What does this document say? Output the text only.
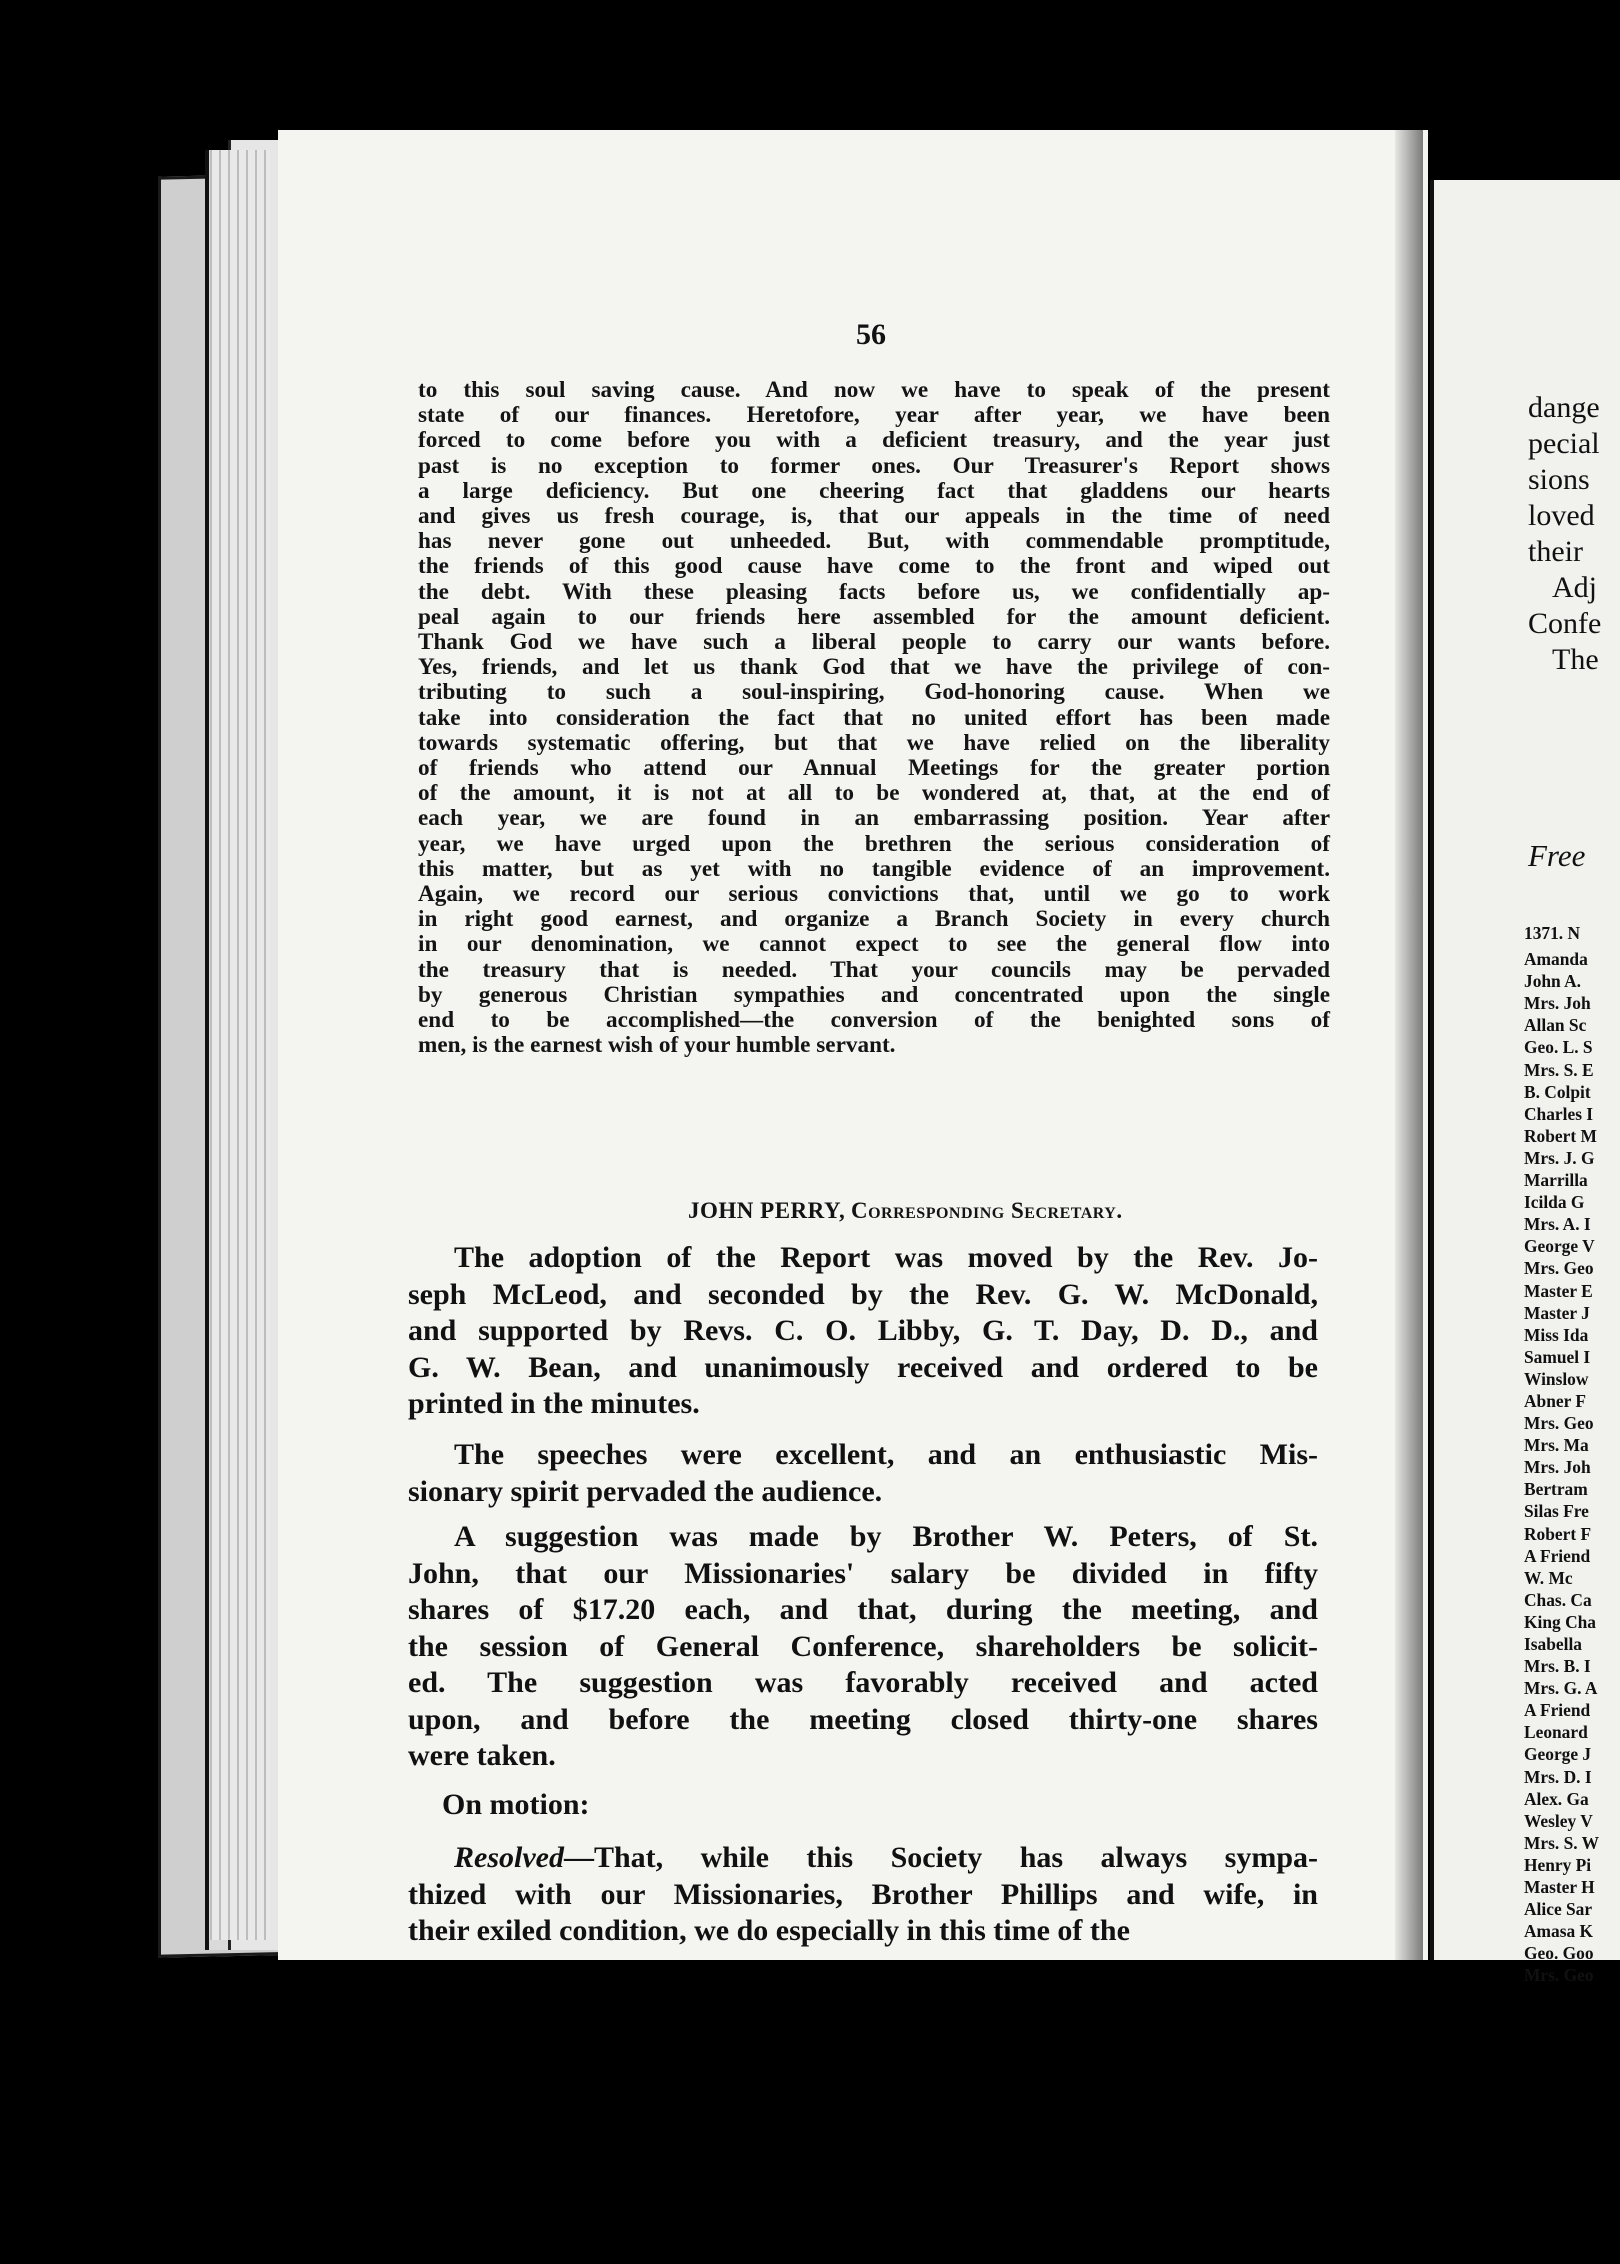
56

to this soul saving cause. And now we have to speak of the present

state of our finances. Heretofore, year after year, we have been

forced to come before you with a deficient treasury, and the year just

past is no exception to former ones. Our Treasurer's Report shows

a large deficiency. But one cheering fact that gladdens our hearts

and gives us fresh courage, is, that our appeals in the time of need

has never gone out unheeded. But, with commendable promptitude,

the friends of this good cause have come to the front and wiped out

the debt. With these pleasing facts before us, we confidentially ap-

peal again to our friends here assembled for the amount deficient.

Thank God we have such a liberal people to carry our wants before.

Yes, friends, and let us thank God that we have the privilege of con-

tributing to such a soul-inspiring, God-honoring cause. When we

take into consideration the fact that no united effort has been made

towards systematic offering, but that we have relied on the liberality

of friends who attend our Annual Meetings for the greater portion

of the amount, it is not at all to be wondered at, that, at the end of

each year, we are found in an embarrassing position. Year after

year, we have urged upon the brethren the serious consideration of

this matter, but as yet with no tangible evidence of an improvement.

Again, we record our serious convictions that, until we go to work

in right good earnest, and organize a Branch Society in every church

in our denomination, we cannot expect to see the general flow into

the treasury that is needed. That your councils may be pervaded

by generous Christian sympathies and concentrated upon the single

end to be accomplished—the conversion of the benighted sons of

men, is the earnest wish of your humble servant.

JOHN PERRY, Corresponding Secretary.

The adoption of the Report was moved by the Rev. Jo-

seph McLeod, and seconded by the Rev. G. W. McDonald,

and supported by Revs. C. O. Libby, G. T. Day, D. D., and

G. W. Bean, and unanimously received and ordered to be

printed in the minutes.

The speeches were excellent, and an enthusiastic Mis-

sionary spirit pervaded the audience.

A suggestion was made by Brother W. Peters, of St.

John, that our Missionaries' salary be divided in fifty

shares of $17.20 each, and that, during the meeting, and

the session of General Conference, shareholders be solicit-

ed. The suggestion was favorably received and acted

upon, and before the meeting closed thirty-one shares

were taken.

On motion:

Resolved—That, while this Society has always sympa-

thized with our Missionaries, Brother Phillips and wife, in

their exiled condition, we do especially in this time of the

dange
pecial
sions
loved
their
Adj
Confe
The
Free
1371. N
Amanda
John A.
Mrs. Joh
Allan Sc
Geo. L. S
Mrs. S. E
B. Colpit
Charles I
Robert M
Mrs. J. G
Marrilla
Icilda G
Mrs. A. I
George V
Mrs. Geo
Master E
Master J
Miss Ida
Samuel I
Winslow
Abner F
Mrs. Geo
Mrs. Ma
Mrs. Joh
Bertram
Silas Fre
Robert F
A Friend
W. Mc
Chas. Ca
King Cha
Isabella
Mrs. B. I
Mrs. G. A
A Friend
Leonard
George J
Mrs. D. I
Alex. Ga
Wesley V
Mrs. S. W
Henry Pi
Master H
Alice Sar
Amasa K
Geo. Goo
Mrs. Geo
